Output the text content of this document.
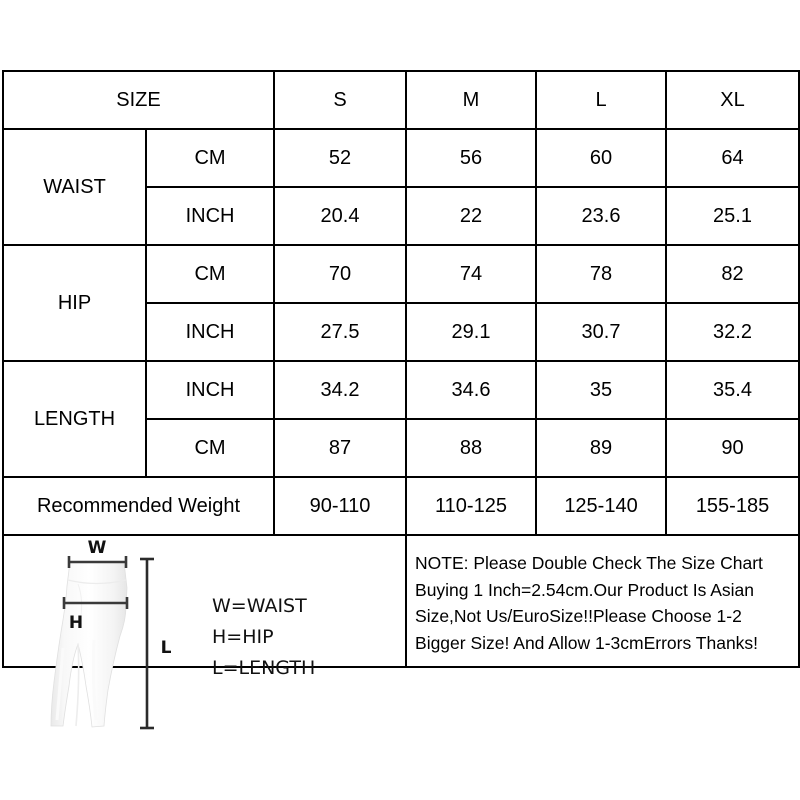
SIZE		S	M	L	XL
WAIST	CM	52	56	60	64
	INCH	20.4	22	23.6	25.1
HIP	CM	70	74	78	82
	INCH	27.5	29.1	30.7	32.2
LENGTH	INCH	34.2	34.6	35	35.4
	CM	87	88	89	90
Recommended Weight		90-110	110-125	125-140	155-185

W
H
L
W=WAIST
H=HIP
L=LENGTH

NOTE: Please Double Check The Size Chart Buying 1 Inch=2.54cm.Our Product Is Asian Size,Not Us/EuroSize!!Please Choose 1-2 Bigger Size! And Allow 1-3cmErrors Thanks!
